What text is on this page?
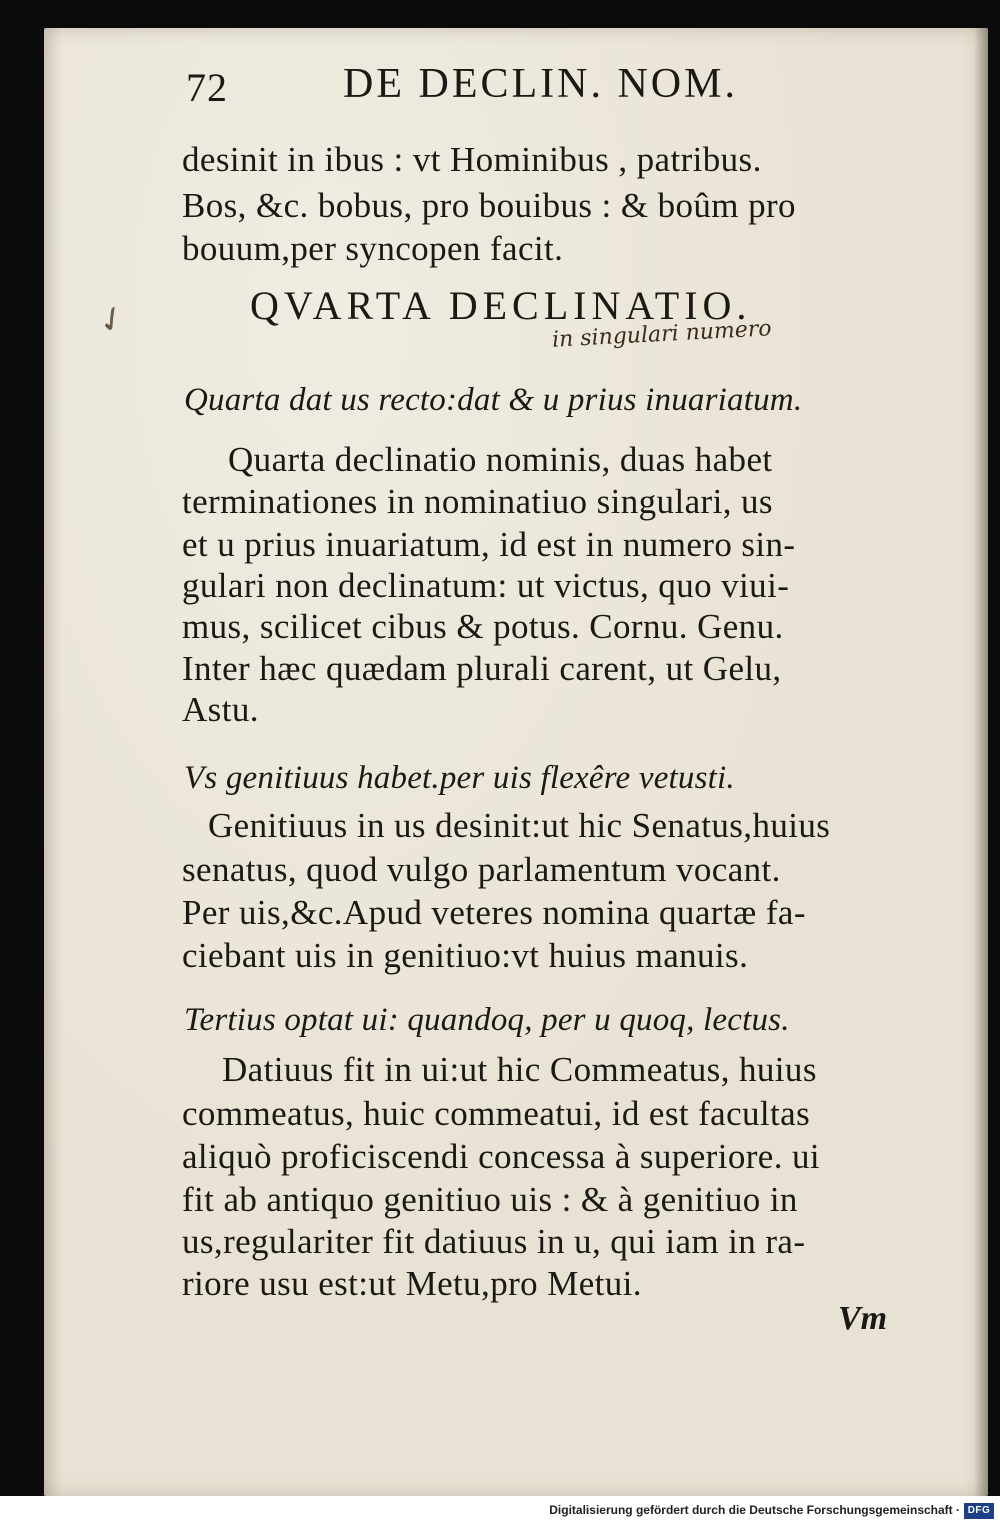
72	DE DECLIN. NOM.
desinit in ibus : vt Hominibus , patribus.
Bos, &c. bobus, pro bouibus : & boûm pro
bouum,per syncopen facit.
✓	QVARTA DECLINATIO.
in singulari numero
Quarta dat us recto:dat & u prius inuariatum.
Quarta declinatio nominis, duas habet
terminationes in nominatiuo singulari, us
et u prius inuariatum, id est in numero sin-
gulari non declinatum: ut victus, quo viui-
mus, scilicet cibus & potus. Cornu. Genu.
Inter hæc quædam plurali carent, ut Gelu,
Astu.
Vs genitiuus habet.per uis flexêre vetusti.
Genitiuus in us desinit:ut hic Senatus,huius
senatus, quod vulgo parlamentum vocant.
Per uis,&c.Apud veteres nomina quartæ fa-
ciebant uis in genitiuo:vt huius manuis.
Tertius optat ui: quandoq, per u quoq, lectus.
Datiuus fit in ui:ut hic Commeatus, huius
commeatus, huic commeatui, id est facultas
aliquò proficiscendi concessa à superiore. ui
fit ab antiquo genitiuo uis : & à genitiuo in
us,regulariter fit datiuus in u, qui iam in ra-
riore usu est:ut Metu,pro Metui.
Vm
Digitalisierung gefördert durch die Deutsche Forschungsgemeinschaft · DFG
